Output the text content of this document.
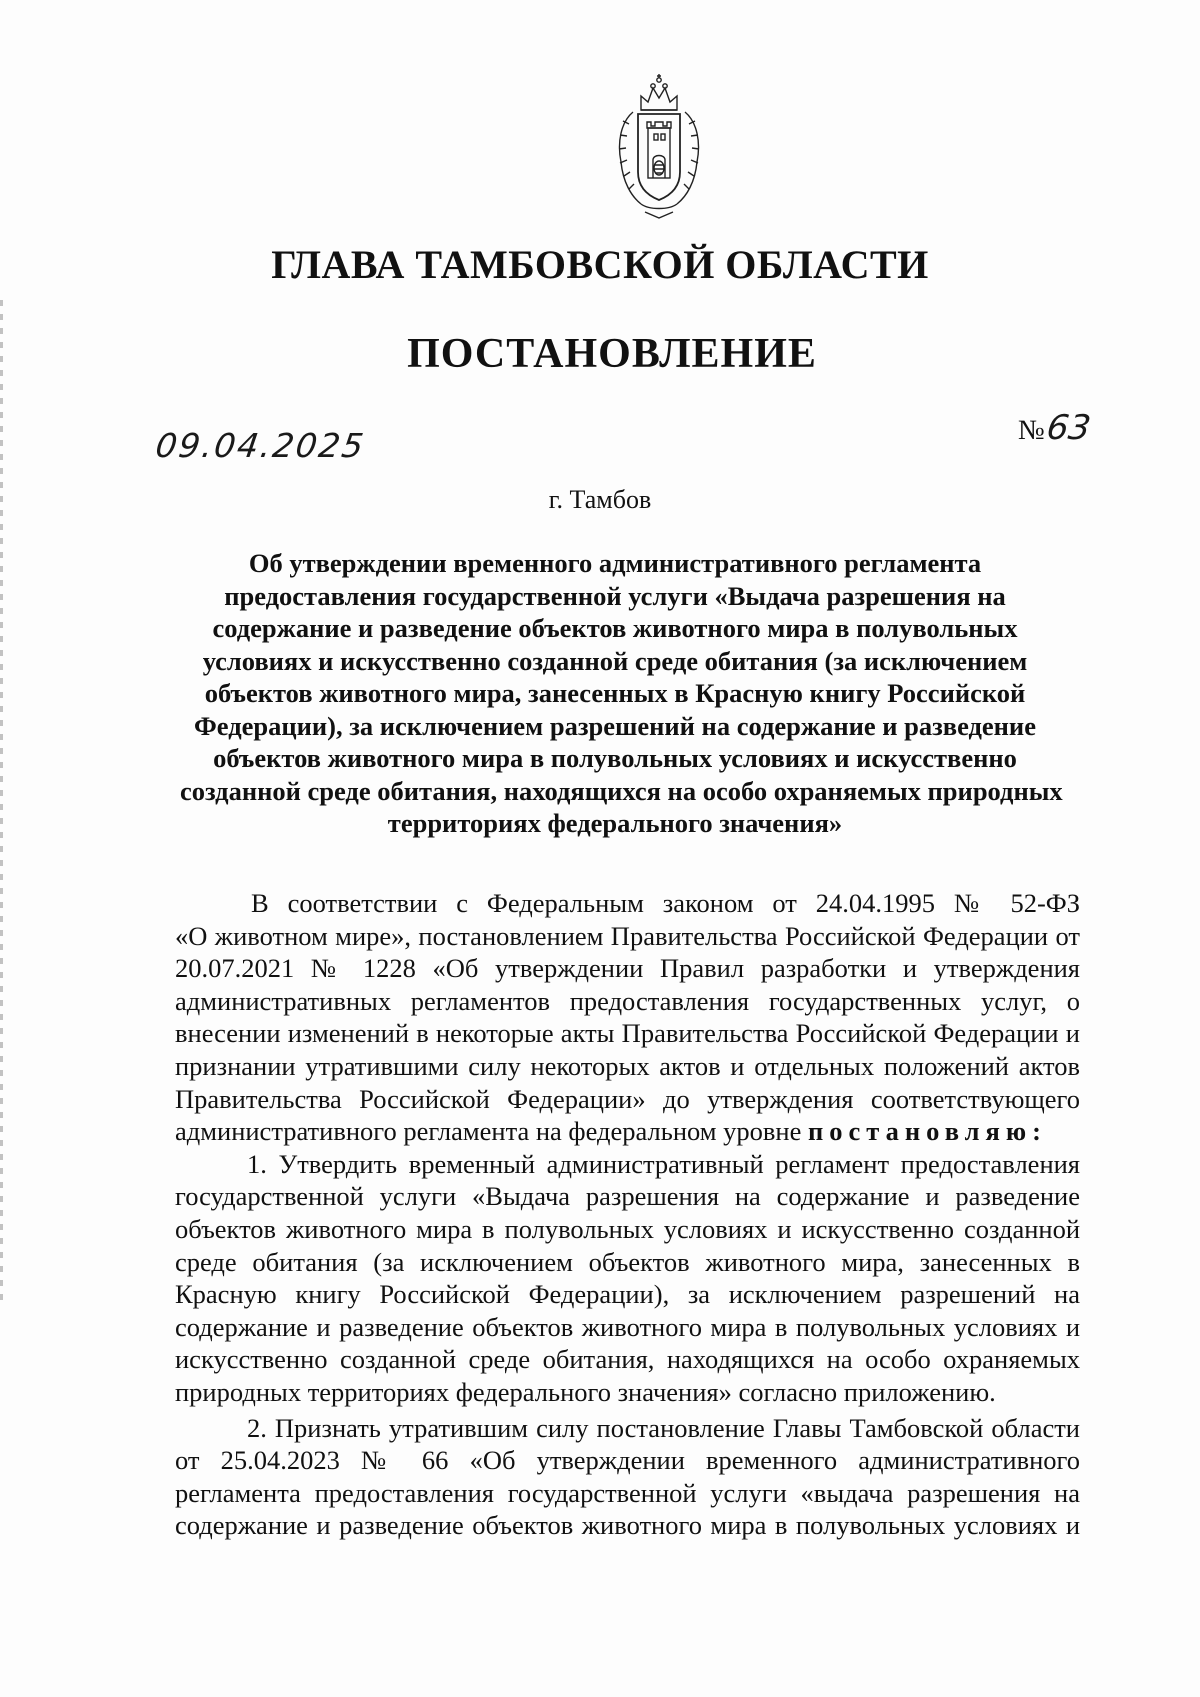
ГЛАВА ТАМБОВСКОЙ ОБЛАСТИ
ПОСТАНОВЛЕНИЕ
09.04.2025	№63
г. Тамбов
Об утверждении временного административного регламента
предоставления государственной услуги «Выдача разрешения на
содержание и разведение объектов животного мира в полувольных
условиях и искусственно созданной среде обитания (за исключением
объектов животного мира, занесенных в Красную книгу Российской
Федерации), за исключением разрешений на содержание и разведение
объектов животного мира в полувольных условиях и искусственно
созданной среде обитания, находящихся на особо охраняемых природных
территориях федерального значения»
В соответствии с Федеральным законом от 24.04.1995 № 52-ФЗ
«О животном мире», постановлением Правительства Российской Федерации от
20.07.2021 № 1228 «Об утверждении Правил разработки и утверждения
административных регламентов предоставления государственных услуг, о
внесении изменений в некоторые акты Правительства Российской Федерации и
признании утратившими силу некоторых актов и отдельных положений актов
Правительства Российской Федерации» до утверждения соответствующего
административного регламента на федеральном уровне постановляю:
1. Утвердить временный административный регламент предоставления
государственной услуги «Выдача разрешения на содержание и разведение
объектов животного мира в полувольных условиях и искусственно созданной
среде обитания (за исключением объектов животного мира, занесенных в
Красную книгу Российской Федерации), за исключением разрешений на
содержание и разведение объектов животного мира в полувольных условиях и
искусственно созданной среде обитания, находящихся на особо охраняемых
природных территориях федерального значения» согласно приложению.
2. Признать утратившим силу постановление Главы Тамбовской области
от 25.04.2023 № 66 «Об утверждении временного административного
регламента предоставления государственной услуги «выдача разрешения на
содержание и разведение объектов животного мира в полувольных условиях и
